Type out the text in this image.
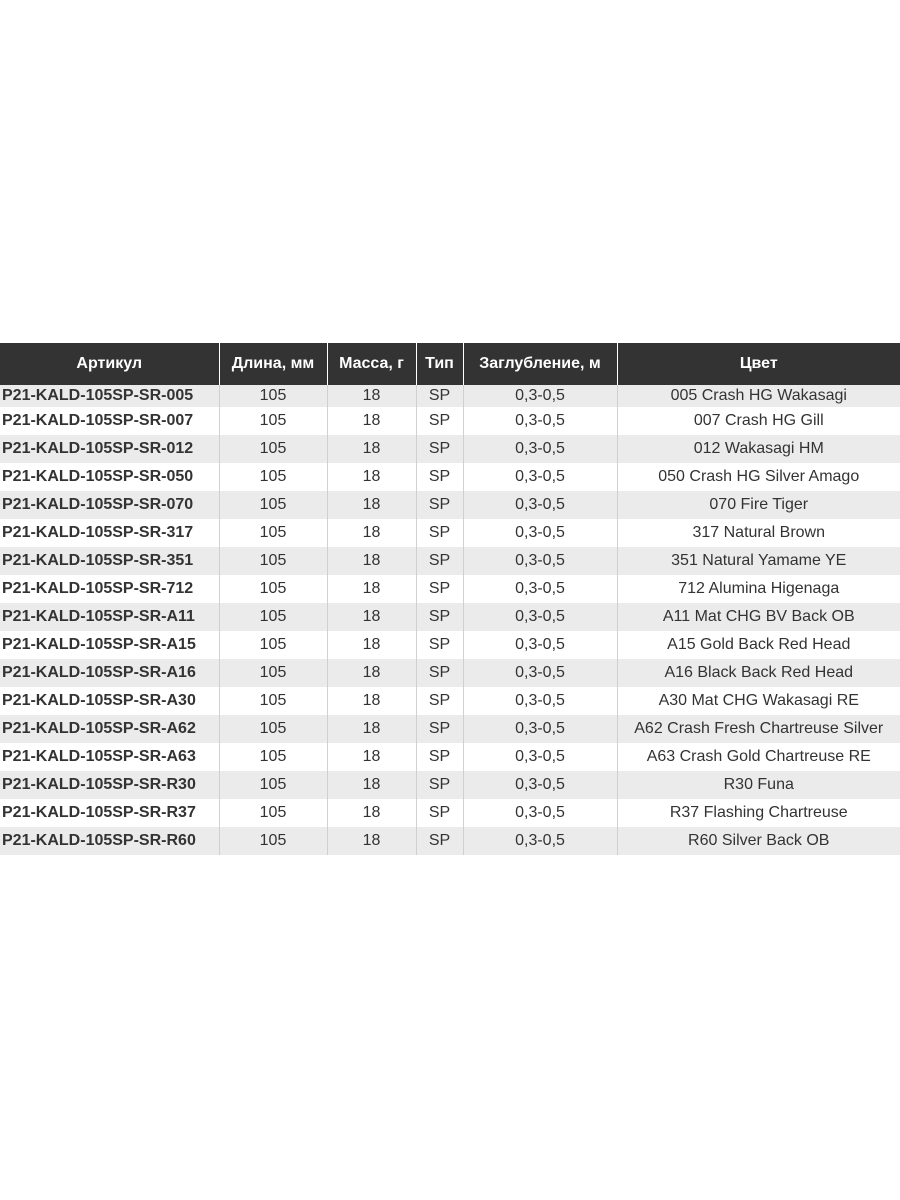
Артикул	Длина, мм	Масса, г	Тип	Заглубление, м	Цвет
P21-KALD-105SP-SR-005	105	18	SP	0,3-0,5	005 Crash HG Wakasagi
P21-KALD-105SP-SR-007	105	18	SP	0,3-0,5	007 Crash HG Gill
P21-KALD-105SP-SR-012	105	18	SP	0,3-0,5	012 Wakasagi HM
P21-KALD-105SP-SR-050	105	18	SP	0,3-0,5	050 Crash HG Silver Amago
P21-KALD-105SP-SR-070	105	18	SP	0,3-0,5	070 Fire Tiger
P21-KALD-105SP-SR-317	105	18	SP	0,3-0,5	317 Natural Brown
P21-KALD-105SP-SR-351	105	18	SP	0,3-0,5	351 Natural Yamame YE
P21-KALD-105SP-SR-712	105	18	SP	0,3-0,5	712 Alumina Higenaga
P21-KALD-105SP-SR-A11	105	18	SP	0,3-0,5	A11 Mat CHG BV Back OB
P21-KALD-105SP-SR-A15	105	18	SP	0,3-0,5	A15 Gold Back Red Head
P21-KALD-105SP-SR-A16	105	18	SP	0,3-0,5	A16 Black Back Red Head
P21-KALD-105SP-SR-A30	105	18	SP	0,3-0,5	A30 Mat CHG Wakasagi RE
P21-KALD-105SP-SR-A62	105	18	SP	0,3-0,5	A62 Crash Fresh Chartreuse Silver
P21-KALD-105SP-SR-A63	105	18	SP	0,3-0,5	A63 Crash Gold Chartreuse RE
P21-KALD-105SP-SR-R30	105	18	SP	0,3-0,5	R30 Funa
P21-KALD-105SP-SR-R37	105	18	SP	0,3-0,5	R37 Flashing Chartreuse
P21-KALD-105SP-SR-R60	105	18	SP	0,3-0,5	R60 Silver Back OB
